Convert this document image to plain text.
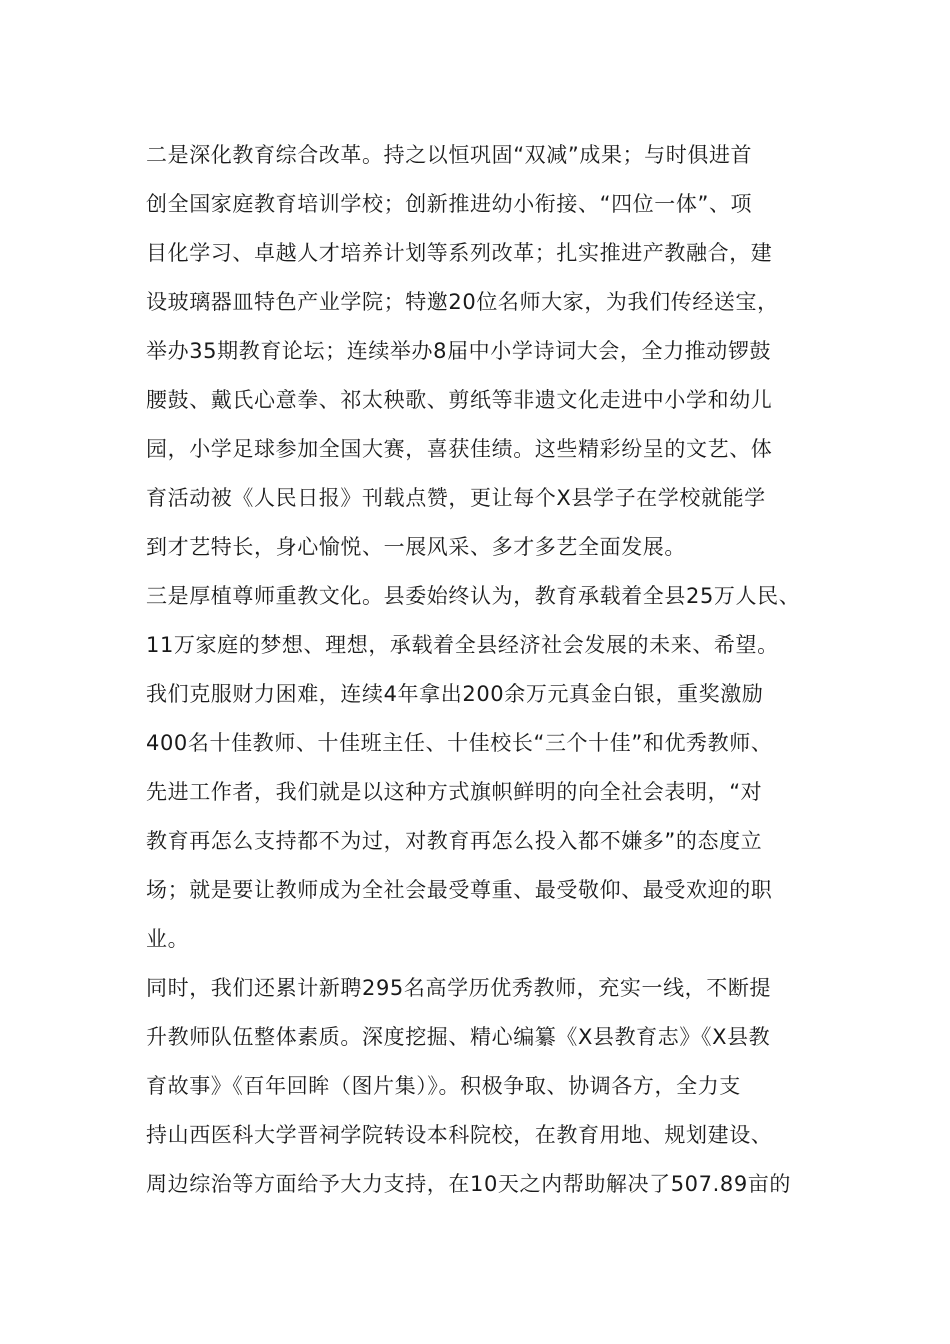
二是深化教育综合改革。持之以恒巩固“双减”成果；与时俱进首
创全国家庭教育培训学校；创新推进幼小衔接、“四位一体”、项
目化学习、卓越人才培养计划等系列改革；扎实推进产教融合，建
设玻璃器皿特色产业学院；特邀20位名师大家，为我们传经送宝，
举办35期教育论坛；连续举办8届中小学诗词大会，全力推动锣鼓
腰鼓、戴氏心意拳、祁太秧歌、剪纸等非遗文化走进中小学和幼儿
园，小学足球参加全国大赛，喜获佳绩。这些精彩纷呈的文艺、体
育活动被《人民日报》刊载点赞，更让每个X县学子在学校就能学
到才艺特长，身心愉悦、一展风采、多才多艺全面发展。
三是厚植尊师重教文化。县委始终认为，教育承载着全县25万人民、
11万家庭的梦想、理想，承载着全县经济社会发展的未来、希望。
我们克服财力困难，连续4年拿出200余万元真金白银，重奖激励
400名十佳教师、十佳班主任、十佳校长“三个十佳”和优秀教师、
先进工作者，我们就是以这种方式旗帜鲜明的向全社会表明，“对
教育再怎么支持都不为过，对教育再怎么投入都不嫌多”的态度立
场；就是要让教师成为全社会最受尊重、最受敬仰、最受欢迎的职
业。
同时，我们还累计新聘295名高学历优秀教师，充实一线，不断提
升教师队伍整体素质。深度挖掘、精心编纂《X县教育志》《X县教
育故事》《百年回眸（图片集）》。积极争取、协调各方，全力支
持山西医科大学晋祠学院转设本科院校，在教育用地、规划建设、
周边综治等方面给予大力支持，在10天之内帮助解决了507.89亩的
